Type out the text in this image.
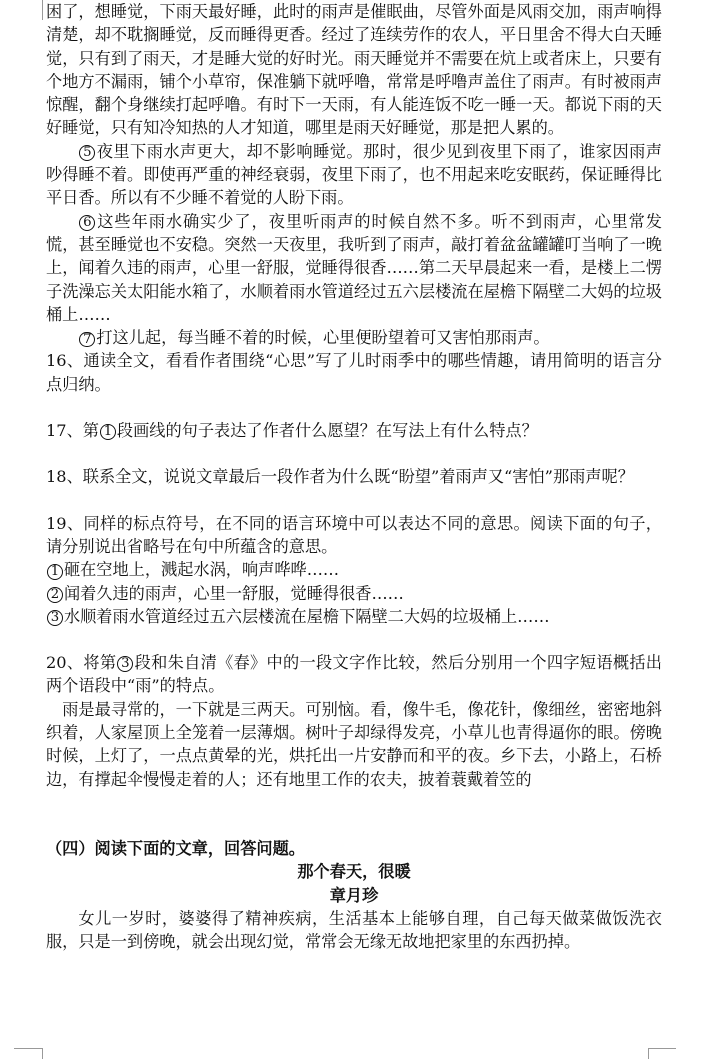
困了，想睡觉，下雨天最好睡，此时的雨声是催眠曲，尽管外面是风雨交加，雨声响得清楚，却不耽搁睡觉，反而睡得更香。经过了连续劳作的农人，平日里舍不得大白天睡觉，只有到了雨天，才是睡大觉的好时光。雨天睡觉并不需要在炕上或者床上，只要有个地方不漏雨，铺个小草帘，保准躺下就呼噜，常常是呼噜声盖住了雨声。有时被雨声惊醒，翻个身继续打起呼噜。有时下一天雨，有人能连饭不吃一睡一天。都说下雨的天好睡觉，只有知冷知热的人才知道，哪里是雨天好睡觉，那是把人累的。

5 夜里下雨水声更大，却不影响睡觉。那时，很少见到夜里下雨了，谁家因雨声吵得睡不着。即使再严重的神经衰弱，夜里下雨了，也不用起来吃安眠药，保证睡得比平日香。所以有不少睡不着觉的人盼下雨。

6 这些年雨水确实少了，夜里听雨声的时候自然不多。听不到雨声，心里常发慌，甚至睡觉也不安稳。突然一天夜里，我听到了雨声，敲打着盆盆罐罐叮当响了一晚上，闻着久违的雨声，心里一舒服，觉睡得很香……第二天早晨起来一看，是楼上二愣子洗澡忘关太阳能水箱了，水顺着雨水管道经过五六层楼流在屋檐下隔壁二大妈的垃圾桶上……

7 打这儿起，每当睡不着的时候，心里便盼望着可又害怕那雨声。

16、通读全文，看看作者围绕“心思”写了儿时雨季中的哪些情趣，请用简明的语言分点归纳。

17、第 1 段画线的句子表达了作者什么愿望？在写法上有什么特点？

18、联系全文，说说文章最后一段作者为什么既“盼望”着雨声又“害怕”那雨声呢？

19、同样的标点符号，在不同的语言环境中可以表达不同的意思。阅读下面的句子，请分别说出省略号在句中所蕴含的意思。

1 砸在空地上，溅起水涡，响声哗哗……

2 闻着久违的雨声，心里一舒服，觉睡得很香……

3 水顺着雨水管道经过五六层楼流在屋檐下隔壁二大妈的垃圾桶上……

20、将第 3 段和朱自清《春》中的一段文字作比较，然后分别用一个四字短语概括出两个语段中“雨”的特点。

雨是最寻常的，一下就是三两天。可别恼。看，像牛毛，像花针，像细丝，密密地斜织着，人家屋顶上全笼着一层薄烟。树叶子却绿得发亮，小草儿也青得逼你的眼。傍晚时候，上灯了，一点点黄晕的光，烘托出一片安静而和平的夜。乡下去，小路上，石桥边，有撑起伞慢慢走着的人；还有地里工作的农夫，披着蓑戴着笠的

（四）阅读下面的文章，回答问题。

那个春天，很暖

章月珍

女儿一岁时，婆婆得了精神疾病，生活基本上能够自理，自己每天做菜做饭洗衣服，只是一到傍晚，就会出现幻觉，常常会无缘无故地把家里的东西扔掉。
